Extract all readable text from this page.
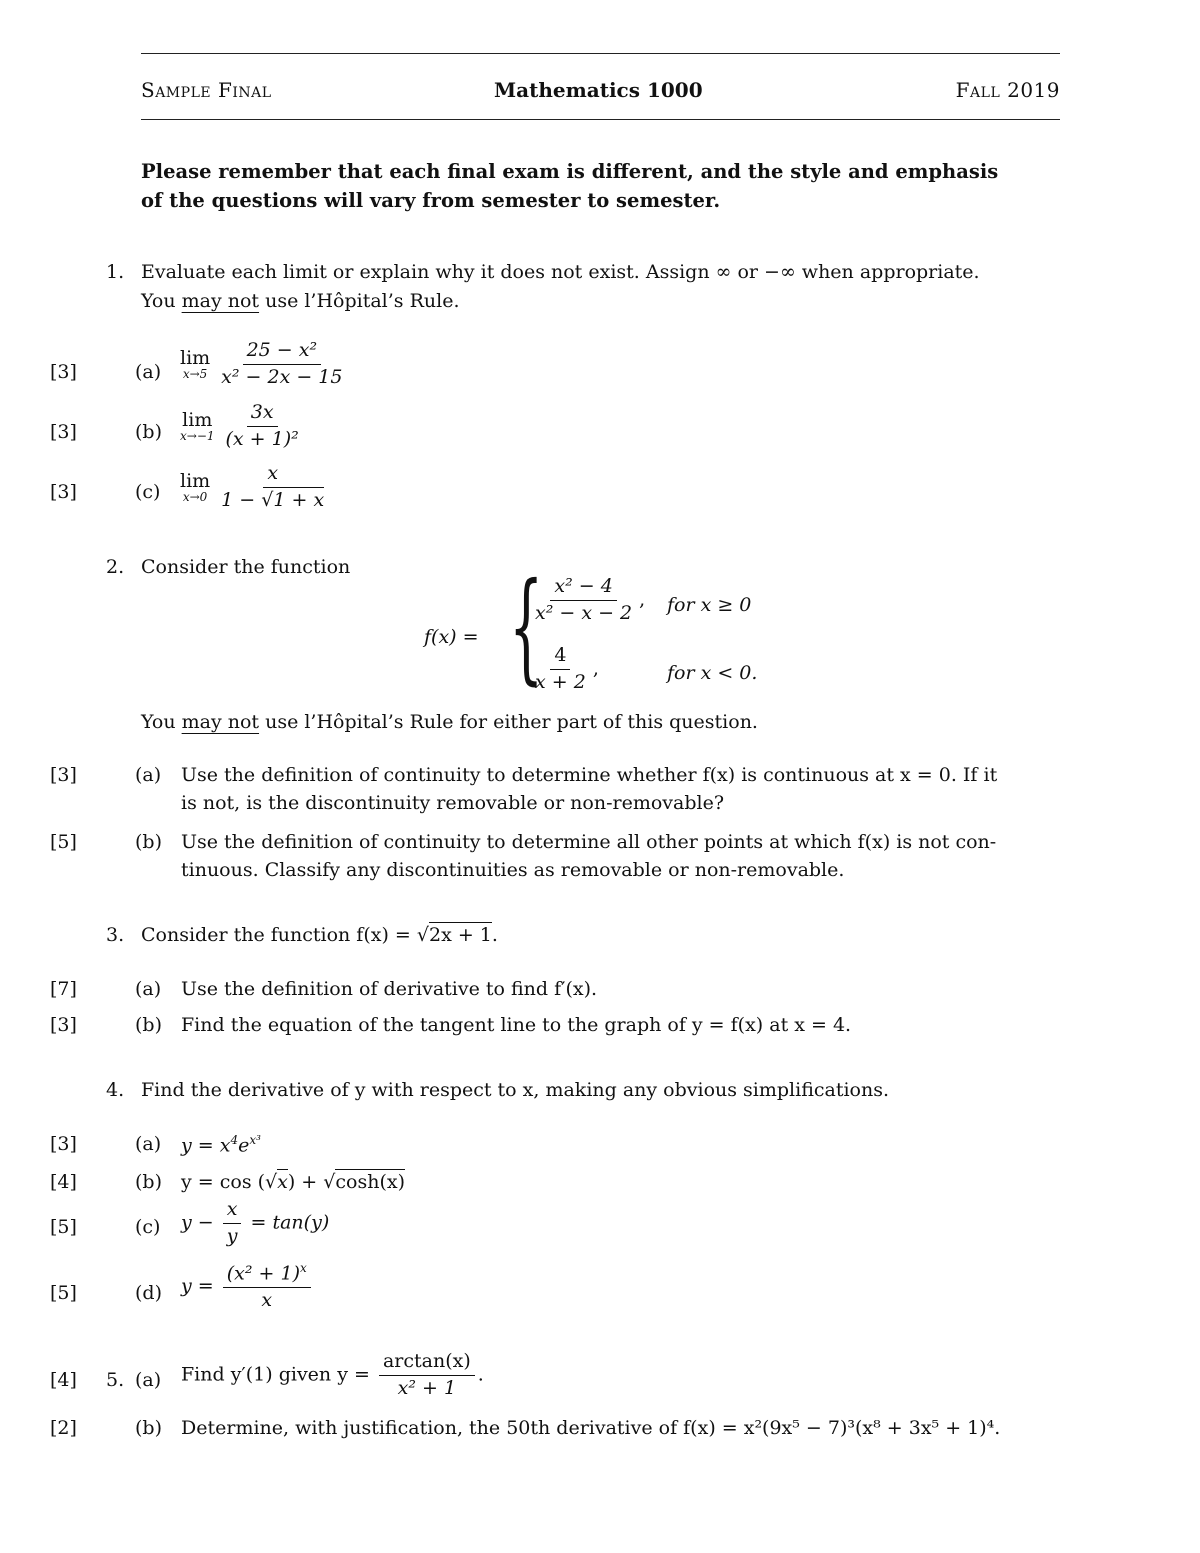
Sample Final	Mathematics 1000	Fall 2019
Please remember that each final exam is different, and the style and emphasis
of the questions will vary from semester to semester.
1. Evaluate each limit or explain why it does not exist. Assign ∞ or −∞ when appropriate.
You may not use l’Hôpital’s Rule.
[3]	(a)
lim
$x\to 5 \frac{\text{25 − x²}}{\text{x² − 2x − 15}}$
[3]	(b)
lim
$x\to-1 \frac{3x}{\text{(x + 1)²}}$
[3]	(c) lim
$x\to 0 \frac{x}{1 - √1 + x}$
2. Consider the function
f(x) = {
$\frac{\text{x² − 4}}{\text{x² − x − 2}}$ , for x ≥ 0
$\frac{4}{x + 2}$ ,	for x < 0.
You may not use l’Hôpital’s Rule for either part of this question.
[3]	(a) Use the definition of continuity to determine whether f(x) is continuous at x = 0. If it
is not, is the discontinuity removable or non-removable?
[5]	(b) Use the definition of continuity to determine all other points at which f(x) is not con-
tinuous. Classify any discontinuities as removable or non-removable.
3. Consider the function f(x) = √2x + 1.
[7]	(a) Use the definition of derivative to find f′(x).
[3]	(b) Find the equation of the tangent line to the graph of y = f(x) at x = 4.
4. Find the derivative of y with respect to x, making any obvious simplifications.
[3]	(a) $y = x^4e^{x^3}$
[4]	(b) y = cos (√x) + √cosh(x)
[5]	(c) $y - \frac{x}{y} = \tan(y)$
[5]	(d) $y = \frac{(x^2 + 1)^x}{x}$
[4] 5. (a) Find y′(1) given $y = \frac{\arctan(x)}{\text{x² + 1}}$ .
[2]	(b) Determine, with justification, the 50th derivative of f(x) = x²(9x⁵ − 7)³(x⁸ + 3x⁵ + 1)⁴.
